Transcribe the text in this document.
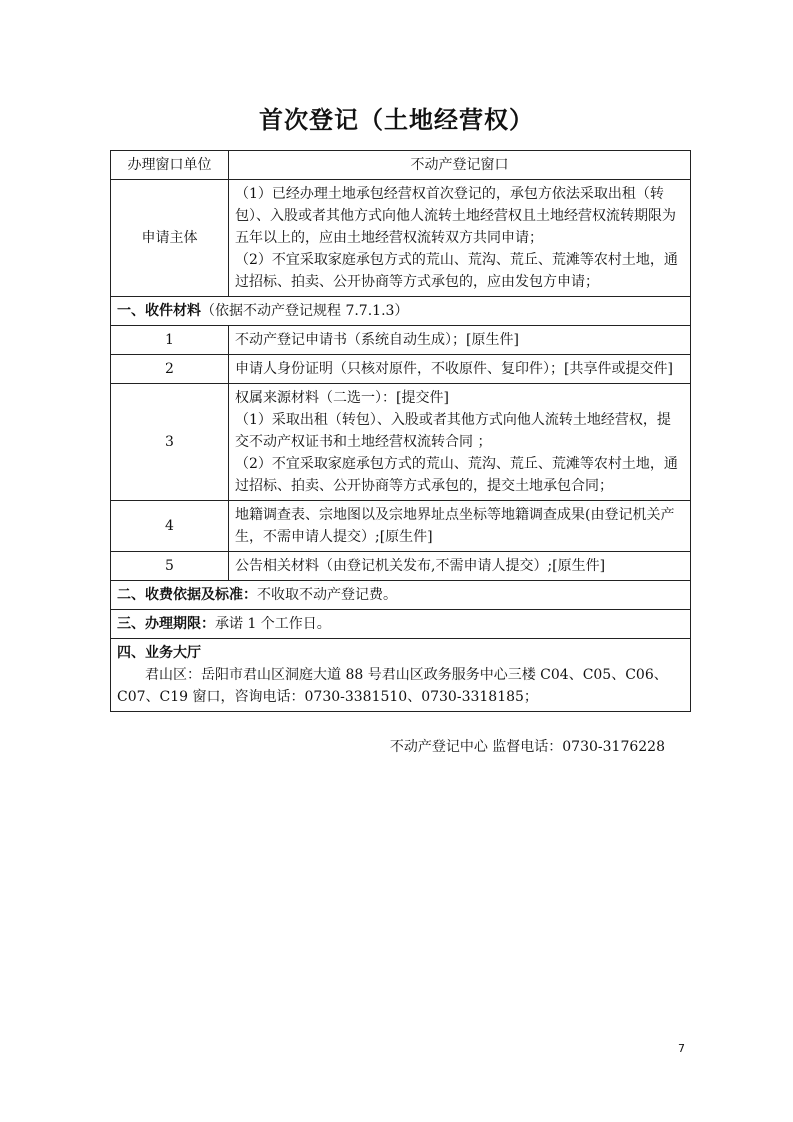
首次登记（土地经营权）
办理窗口单位	不动产登记窗口
申请主体	（1）已经办理土地承包经营权首次登记的，承包方依法采取出租（转包）、入股或者其他方式向他人流转土地经营权且土地经营权流转期限为五年以上的，应由土地经营权流转双方共同申请；
（2）不宜采取家庭承包方式的荒山、荒沟、荒丘、荒滩等农村土地，通过招标、拍卖、公开协商等方式承包的，应由发包方申请；

一、收件材料（依据不动产登记规程 7.7.1.3）	
1	不动产登记申请书（系统自动生成）；[原生件]

2	申请人身份证明（只核对原件，不收原件、复印件）；[共享件或提交件]

3	权属来源材料（二选一）：[提交件]
（1）采取出租（转包）、入股或者其他方式向他人流转土地经营权，提交不动产权证书和土地经营权流转合同 ；
（2）不宜采取家庭承包方式的荒山、荒沟、荒丘、荒滩等农村土地，通过招标、拍卖、公开协商等方式承包的，提交土地承包合同；

4	地籍调查表、宗地图以及宗地界址点坐标等地籍调查成果(由登记机关产生，不需申请人提交）;[原生件]

5	公告相关材料（由登记机关发布,不需申请人提交）;[原生件]

二、收费依据及标准：不收取不动产登记费。	
三、办理期限：承诺 1 个工作日。	

四、业务大厅
君山区：岳阳市君山区洞庭大道 88 号君山区政务服务中心三楼 C04、C05、C06、C07、C19 窗口，咨询电话：0730-3381510、0730-3318185；	
不动产登记中心 监督电话：0730-3176228
7
